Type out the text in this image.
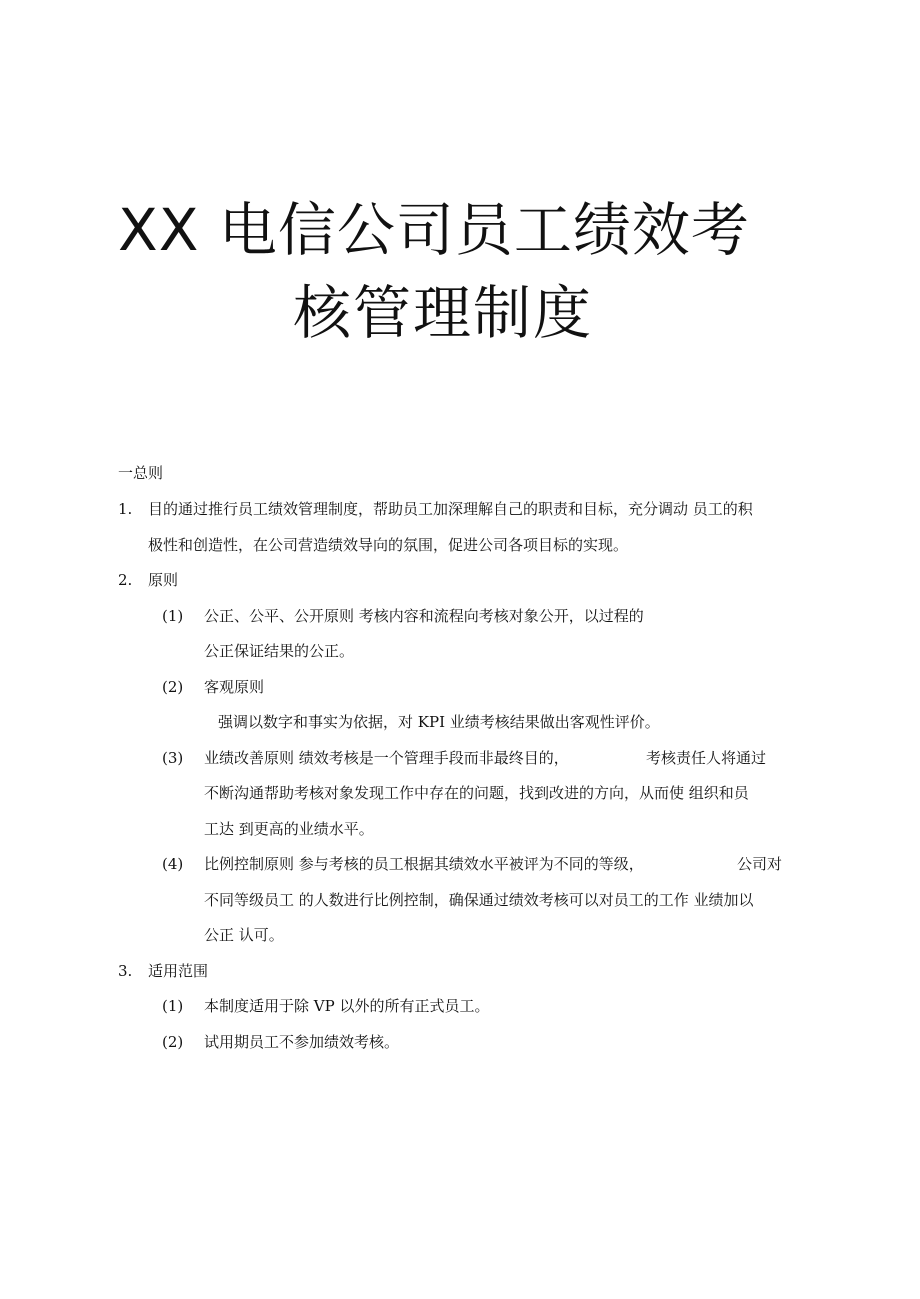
XX 电信公司员工绩效考
核管理制度
一总则
1. 目的通过推行员工绩效管理制度，帮助员工加深理解自己的职责和目标，充分调动 员工的积
极性和创造性，在公司营造绩效导向的氛围，促进公司各项目标的实现。
2. 原则
(1) 公正、公平、公开原则 考核内容和流程向考核对象公开，以过程的
公正保证结果的公正。
(2) 客观原则
强调以数字和事实为依据，对 KPI 业绩考核结果做出客观性评价。
(3) 业绩改善原则 绩效考核是一个管理手段而非最终目的，	考核责任人将通过
不断沟通帮助考核对象发现工作中存在的问题，找到改进的方向，从而使 组织和员
工达 到更高的业绩水平。
(4) 比例控制原则 参与考核的员工根据其绩效水平被评为不同的等级，	公司对
不同等级员工 的人数进行比例控制，确保通过绩效考核可以对员工的工作 业绩加以
公正 认可。
3. 适用范围
(1) 本制度适用于除 VP 以外的所有正式员工。
(2) 试用期员工不参加绩效考核。
